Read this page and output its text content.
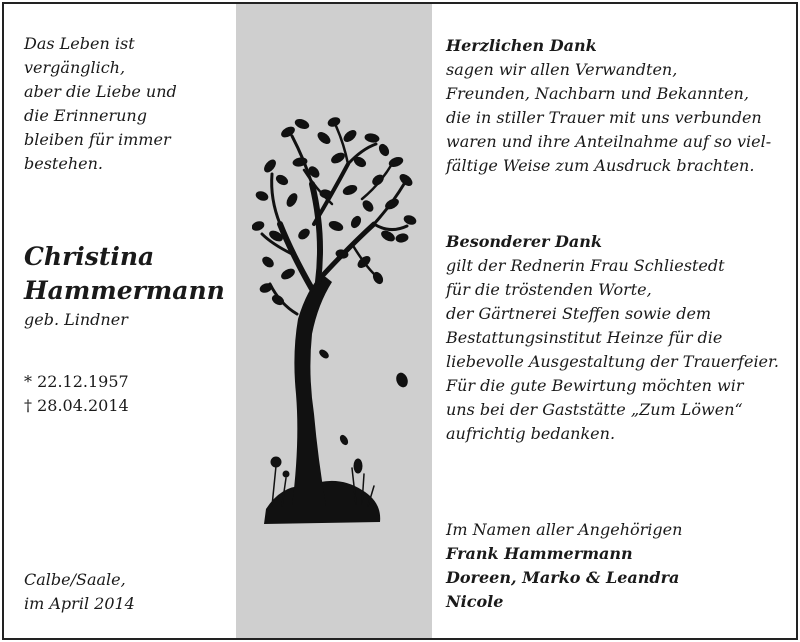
Das Leben ist
vergänglich,
aber die Liebe und
die Erinnerung
bleiben für immer
bestehen.
Christina
Hammermann
geb. Lindner
* 22.12.1957
† 28.04.2014
Calbe/Saale,
im April 2014
Herzlichen Dank
sagen wir allen Verwandten,
Freunden, Nachbarn und Bekannten,
die in stiller Trauer mit uns verbunden
waren und ihre Anteilnahme auf so viel-
fältige Weise zum Ausdruck brachten.
Besonderer Dank
gilt der Rednerin Frau Schliestedt
für die tröstenden Worte,
der Gärtnerei Steffen sowie dem
Bestattungsinstitut Heinze für die
liebevolle Ausgestaltung der Trauerfeier.
Für die gute Bewirtung möchten wir
uns bei der Gaststätte „Zum Löwen“
aufrichtig bedanken.
Im Namen aller Angehörigen
Frank Hammermann
Doreen, Marko & Leandra
Nicole
